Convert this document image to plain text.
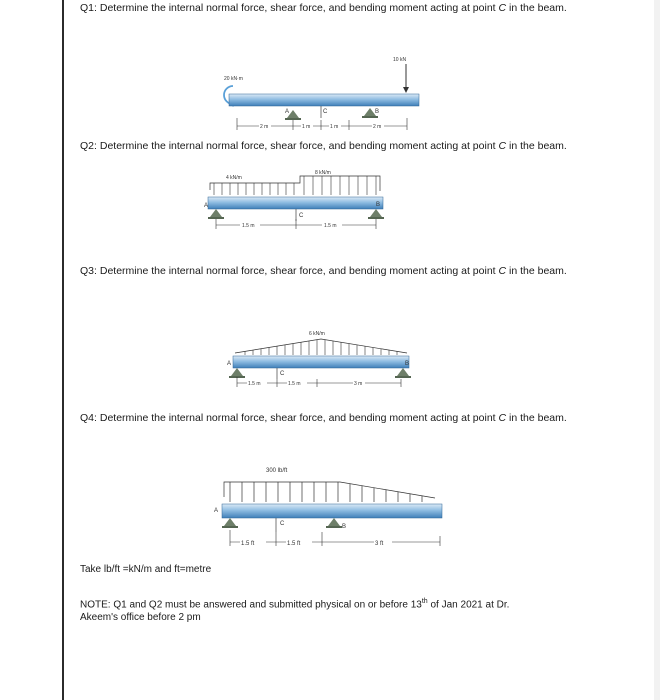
Q1: Determine the internal normal force, shear force, and bending moment acting at point C in the beam.

10 kN
20 kN·m
A	C	B
2 m	1 m	1 m	2 m

Q2: Determine the internal normal force, shear force, and bending moment acting at point C in the beam.

4 kN/m
8 kN/m
A
C
B
1.5 m	1.5 m

Q3: Determine the internal normal force, shear force, and bending moment acting at point C in the beam.

6 kN/m
A
C
B
1.5 m	1.5 m	3 m

Q4: Determine the internal normal force, shear force, and bending moment acting at point C in the beam.

300 lb/ft
A
C	B
1.5 ft	1.5 ft	3 ft
Take lb/ft =kN/m and ft=metre
NOTE: Q1 and Q2 must be answered and submitted physical on or before 13th of Jan 2021 at Dr.
Akeem's office before 2 pm
